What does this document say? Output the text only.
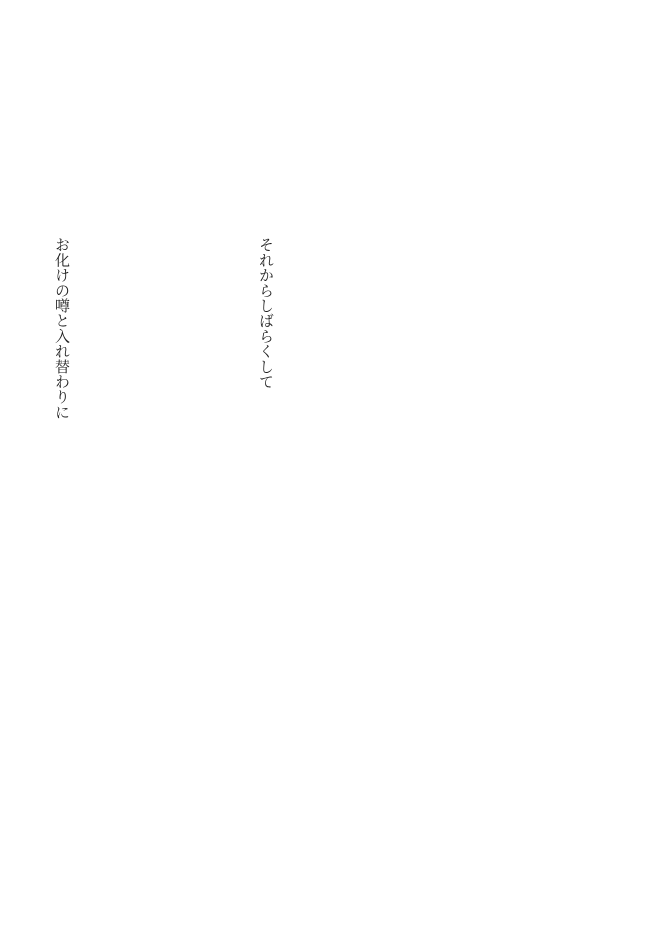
それからしばらくして

お化けの噂と入れ替わりに
